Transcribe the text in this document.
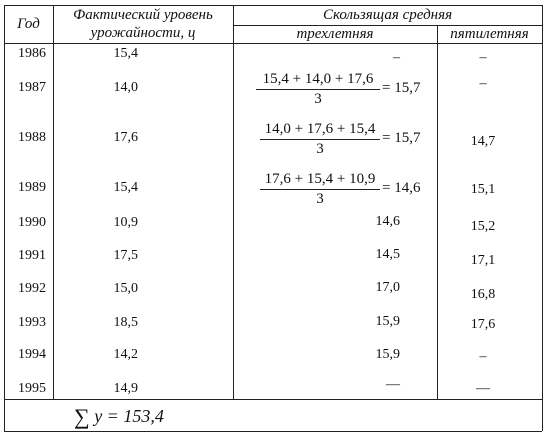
Год
Фактический уровень
урожайности, ц
Скользящая средняя
трехлетняя	пятилетняя
1986	15,4	–	–
1987	14,0	$\frac{15,4 + 14,0 + 17,6}{3} = 15,7$	–
1988	17,6	$\frac{14,0 + 17,6 + 15,4}{3} = 15,7$	14,7
1989	15,4	$\frac{17,6 + 15,4 + 10,9}{3} = 14,6$	15,1
1990	10,9	14,6	15,2
1991	17,5	14,5	17,1
1992	15,0	17,0	16,8
1993	18,5	15,9	17,6
1994	14,2	15,9	–
1995	14,9	—	—
∑ y = 153,4
